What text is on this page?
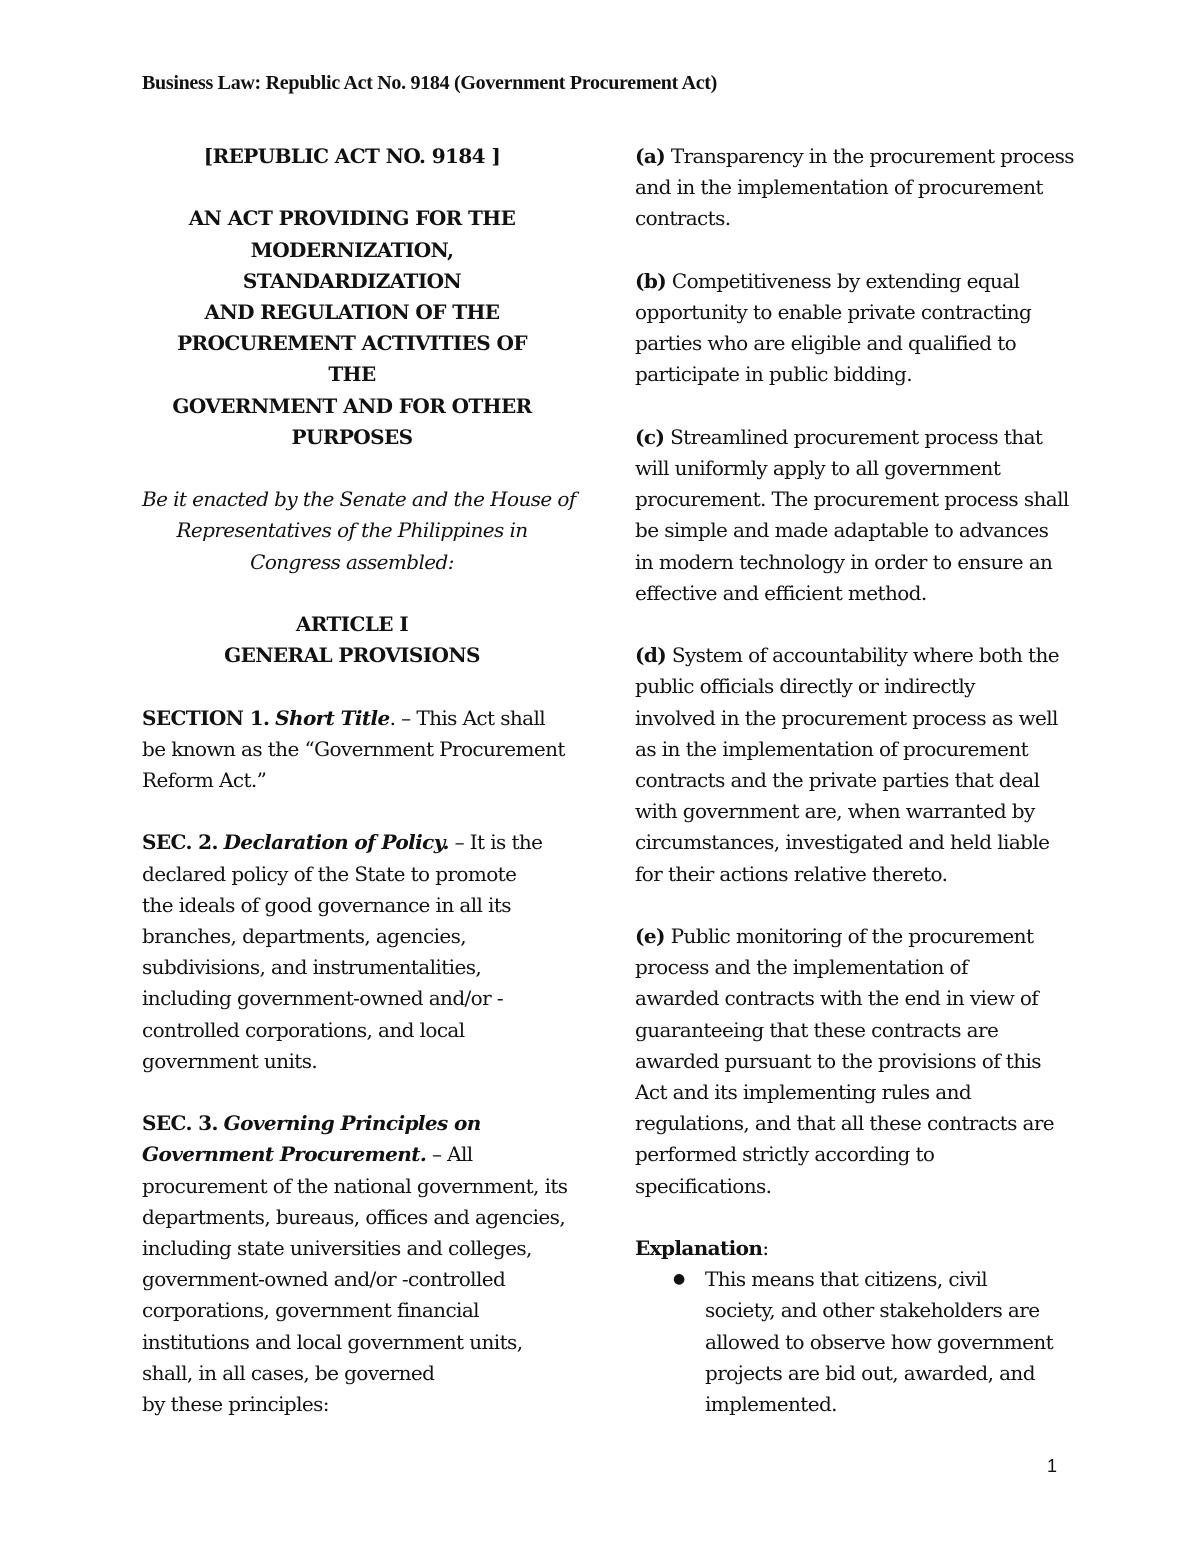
Business Law: Republic Act No. 9184 (Government Procurement Act)
[REPUBLIC ACT NO. 9184 ]
AN ACT PROVIDING FOR THE
MODERNIZATION,
STANDARDIZATION
AND REGULATION OF THE
PROCUREMENT ACTIVITIES OF
THE
GOVERNMENT AND FOR OTHER
PURPOSES
Be it enacted by the Senate and the House of
Representatives of the Philippines in
Congress assembled:
ARTICLE I
GENERAL PROVISIONS
SECTION 1. Short Title. – This Act shall
be known as the “Government Procurement
Reform Act.”
SEC. 2. Declaration of Policy. – It is the
declared policy of the State to promote
the ideals of good governance in all its
branches, departments, agencies,
subdivisions, and instrumentalities,
including government-owned and/or -
controlled corporations, and local
government units.
SEC. 3. Governing Principles on
Government Procurement. – All
procurement of the national government, its
departments, bureaus, offices and agencies,
including state universities and colleges,
government-owned and/or -controlled
corporations, government financial
institutions and local government units,
shall, in all cases, be governed
by these principles:
(a) Transparency in the procurement process
and in the implementation of procurement
contracts.
(b) Competitiveness by extending equal
opportunity to enable private contracting
parties who are eligible and qualified to
participate in public bidding.
(c) Streamlined procurement process that
will uniformly apply to all government
procurement. The procurement process shall
be simple and made adaptable to advances
in modern technology in order to ensure an
effective and efficient method.
(d) System of accountability where both the
public officials directly or indirectly
involved in the procurement process as well
as in the implementation of procurement
contracts and the private parties that deal
with government are, when warranted by
circumstances, investigated and held liable
for their actions relative thereto.
(e) Public monitoring of the procurement
process and the implementation of
awarded contracts with the end in view of
guaranteeing that these contracts are
awarded pursuant to the provisions of this
Act and its implementing rules and
regulations, and that all these contracts are
performed strictly according to
specifications.
Explanation:
● This means that citizens, civil
society, and other stakeholders are
allowed to observe how government
projects are bid out, awarded, and
implemented.
1
